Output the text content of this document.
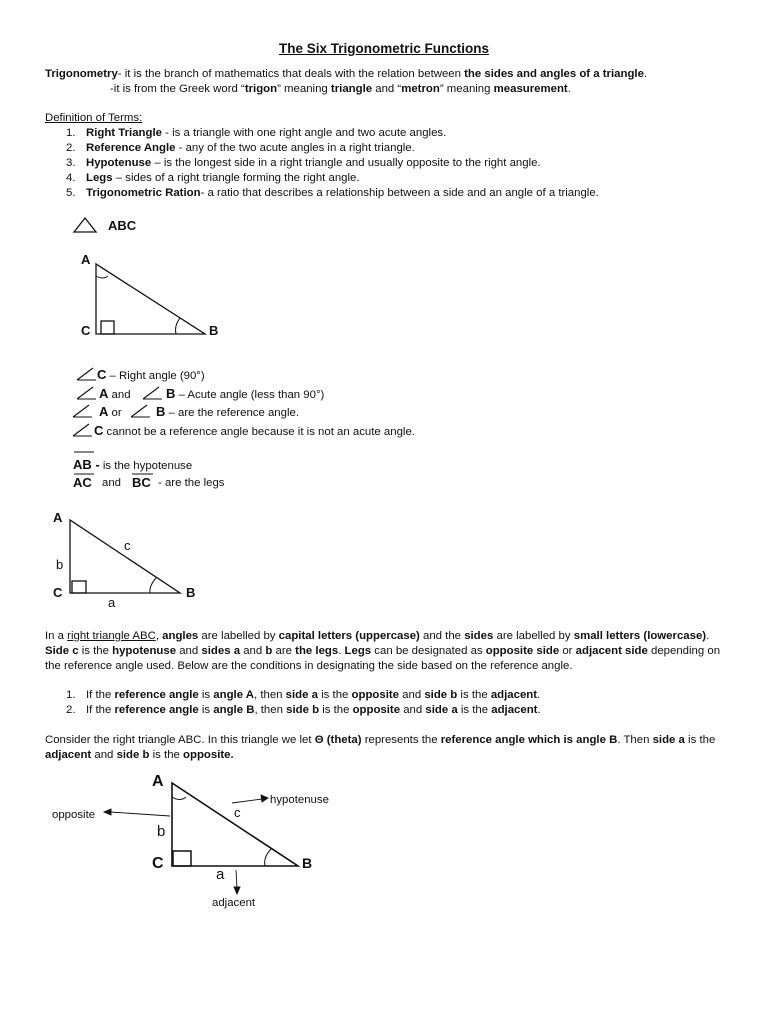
The Six Trigonometric Functions
Trigonometry- it is the branch of mathematics that deals with the relation between the sides and angles of a triangle.
-it is from the Greek word “trigon” meaning triangle and “metron” meaning measurement.
Definition of Terms:
1. Right Triangle - is a triangle with one right angle and two acute angles.
2. Reference Angle - any of the two acute angles in a right triangle.
3. Hypotenuse – is the longest side in a right triangle and usually opposite to the right angle.
4. Legs – sides of a right triangle forming the right angle.
5. Trigonometric Ration- a ratio that describes a relationship between a side and an angle of a triangle.
ABC
A
C	B
A
C	B
b
a
c
A
C	B
b
a
c
hypotenuse
opposite
adjacent
C – Right angle (90°)
A and	B – Acute angle (less than 90°)
A or	B – are the reference angle.
C cannot be a reference angle because it is not an acute angle.
AB - is the hypotenuse
AC and BC - are the legs
In a right triangle ABC, angles are labelled by capital letters (uppercase) and the sides are labelled by small letters (lowercase). Side c is the hypotenuse and sides a and b are the legs. Legs can be designated as opposite side or adjacent side depending on the reference angle used. Below are the conditions in designating the side based on the reference angle.
1. If the reference angle is angle A, then side a is the opposite and side b is the adjacent.
2. If the reference angle is angle B, then side b is the opposite and side a is the adjacent.
Consider the right triangle ABC. In this triangle we let Θ (theta) represents the reference angle which is angle B. Then side a is the adjacent and side b is the opposite.
